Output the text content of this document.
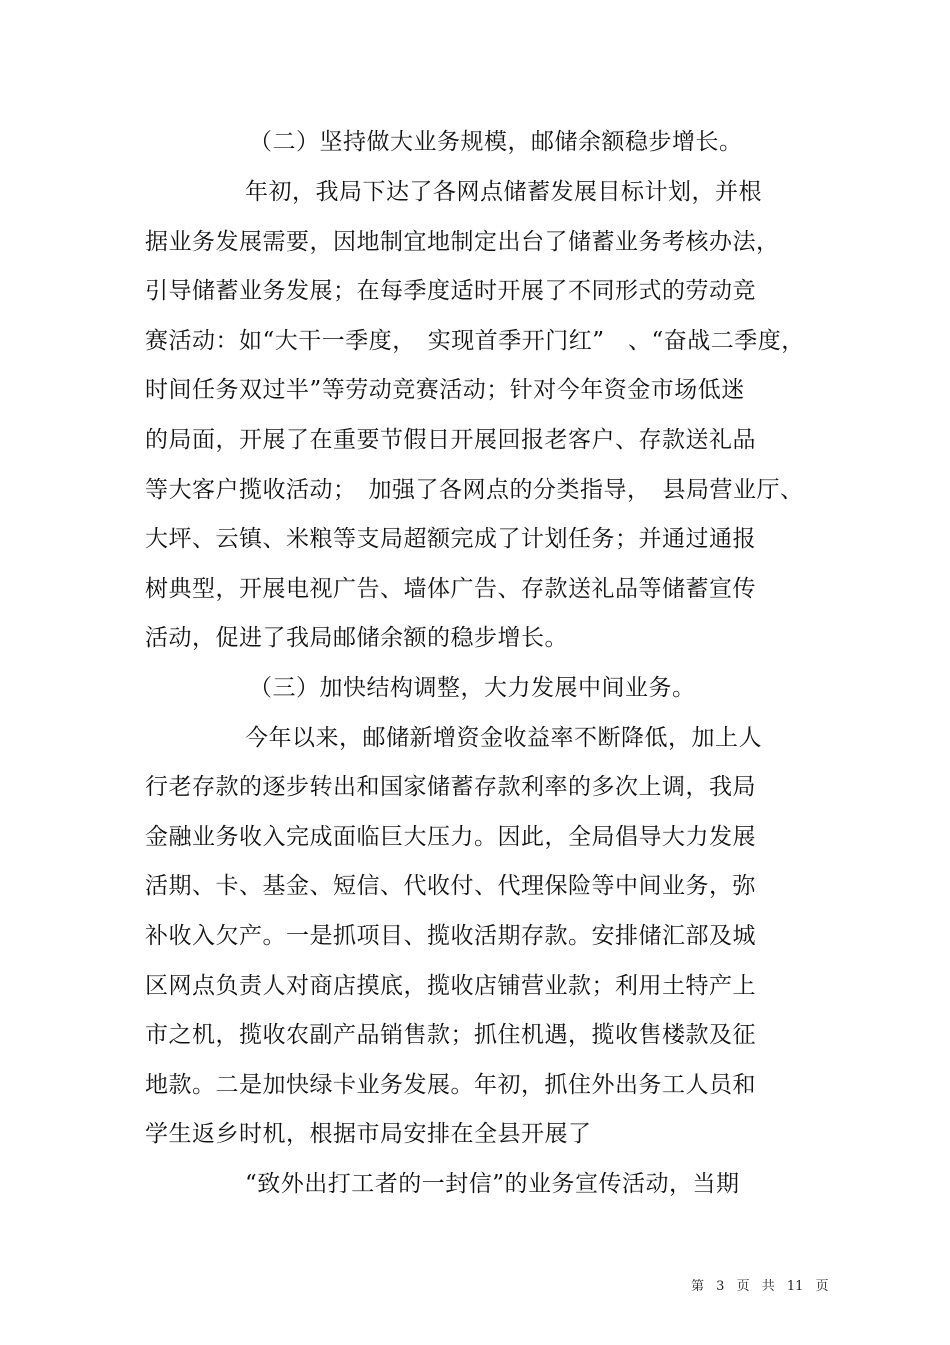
（二）坚持做大业务规模，邮储余额稳步增长。
年初，我局下达了各网点储蓄发展目标计划，并根
据业务发展需要，因地制宜地制定出台了储蓄业务考核办法，
引导储蓄业务发展；在每季度适时开展了不同形式的劳动竞
赛活动：如“大干一季度，　实现首季开门红”　、“奋战二季度，
时间任务双过半”等劳动竞赛活动；针对今年资金市场低迷
的局面，开展了在重要节假日开展回报老客户、存款送礼品
等大客户揽收活动；　加强了各网点的分类指导，　县局营业厅、
大坪、云镇、米粮等支局超额完成了计划任务；并通过通报
树典型，开展电视广告、墙体广告、存款送礼品等储蓄宣传
活动，促进了我局邮储余额的稳步增长。
（三）加快结构调整，大力发展中间业务。
今年以来，邮储新增资金收益率不断降低，加上人
行老存款的逐步转出和国家储蓄存款利率的多次上调，我局
金融业务收入完成面临巨大压力。因此，全局倡导大力发展
活期、卡、基金、短信、代收付、代理保险等中间业务，弥
补收入欠产。一是抓项目、揽收活期存款。安排储汇部及城
区网点负责人对商店摸底，揽收店铺营业款；利用土特产上
市之机，揽收农副产品销售款；抓住机遇，揽收售楼款及征
地款。二是加快绿卡业务发展。年初，抓住外出务工人员和
学生返乡时机，根据市局安排在全县开展了
“致外出打工者的一封信”的业务宣传活动，当期
第 3 页 共 11 页
